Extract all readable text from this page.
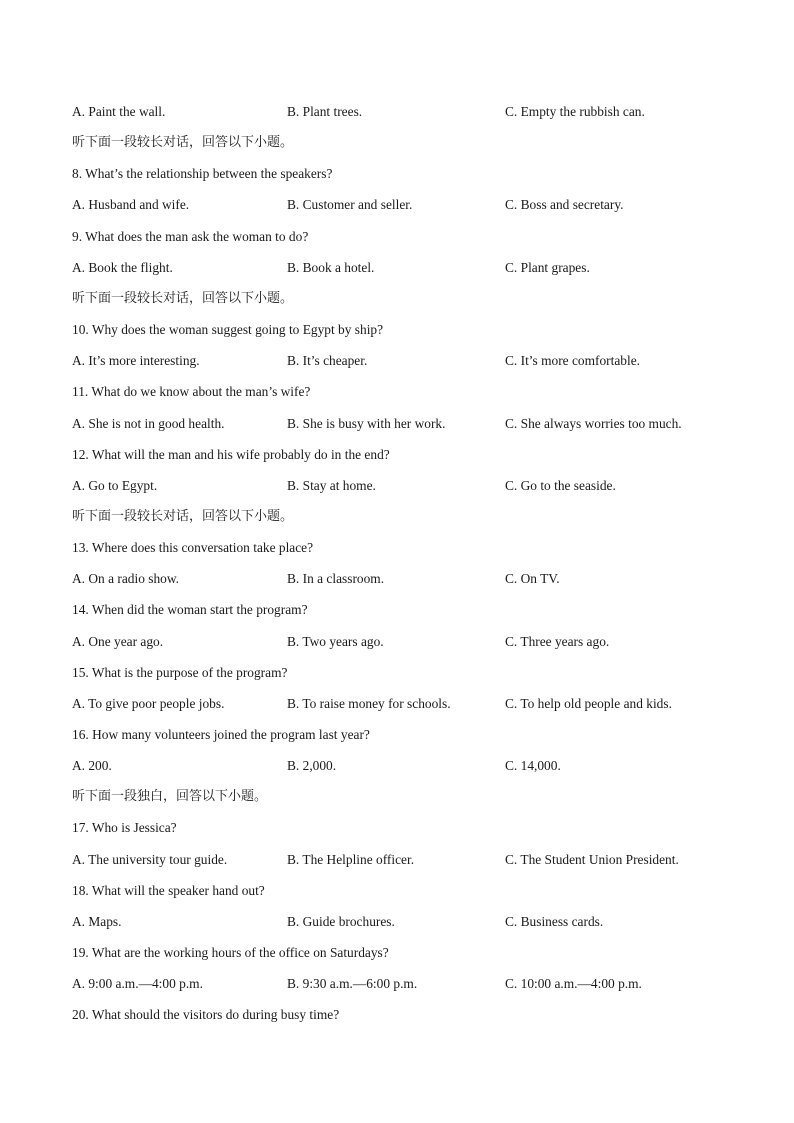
A. Paint the wall.	B. Plant trees.	C. Empty the rubbish can.
听下面一段较长对话，回答以下小题。
8. What’s the relationship between the speakers?
A. Husband and wife.	B. Customer and seller.	C. Boss and secretary.
9. What does the man ask the woman to do?
A. Book the flight.	B. Book a hotel.	C. Plant grapes.
听下面一段较长对话，回答以下小题。
10. Why does the woman suggest going to Egypt by ship?
A. It’s more interesting.	B. It’s cheaper.	C. It’s more comfortable.
11. What do we know about the man’s wife?
A. She is not in good health.	B. She is busy with her work.	C. She always worries too much.
12. What will the man and his wife probably do in the end?
A. Go to Egypt.	B. Stay at home.	C. Go to the seaside.
听下面一段较长对话，回答以下小题。
13. Where does this conversation take place?
A. On a radio show.	B. In a classroom.	C. On TV.
14. When did the woman start the program?
A. One year ago.	B. Two years ago.	C. Three years ago.
15. What is the purpose of the program?
A. To give poor people jobs.	B. To raise money for schools.	C. To help old people and kids.
16. How many volunteers joined the program last year?
A. 200.	B. 2,000.	C. 14,000.
听下面一段独白，回答以下小题。
17. Who is Jessica?
A. The university tour guide.	B. The Helpline officer.	C. The Student Union President.
18. What will the speaker hand out?
A. Maps.	B. Guide brochures.	C. Business cards.
19. What are the working hours of the office on Saturdays?
A. 9:00 a.m.—4:00 p.m.	B. 9:30 a.m.—6:00 p.m.	C. 10:00 a.m.—4:00 p.m.
20. What should the visitors do during busy time?
